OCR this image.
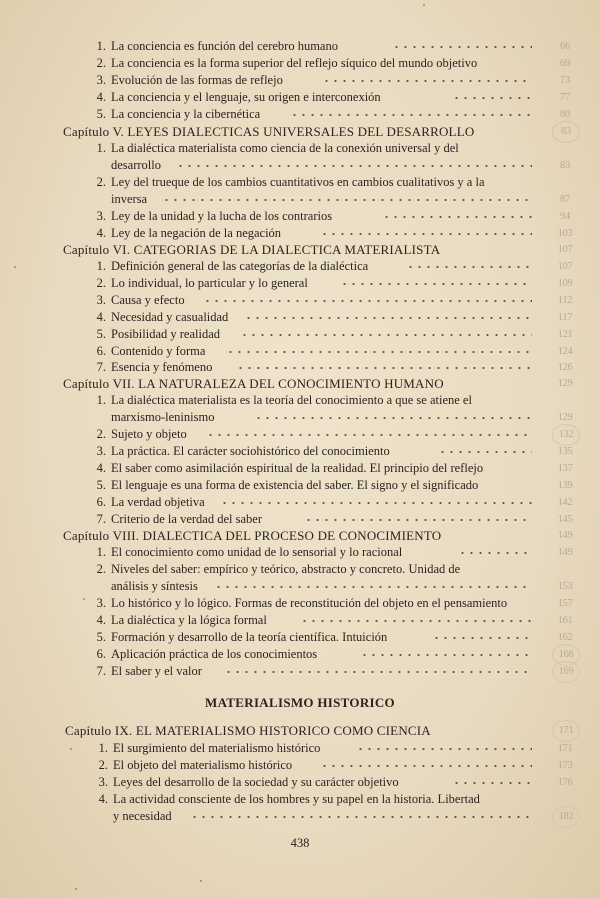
1. La conciencia es función del cerebro humano	66
2. La conciencia es la forma superior del reflejo síquico del mundo objetivo	69
3. Evolución de las formas de reflejo	73
4. La conciencia y el lenguaje, su origen e interconexión	77
5. La conciencia y la cibernética	80
Capítulo V. LEYES DIALECTICAS UNIVERSALES DEL DESARROLLO	83
1. La dialéctica materialista como ciencia de la conexión universal y del
desarrollo	83
2. Ley del trueque de los cambios cuantitativos en cambios cualitativos y a la
inversa	87
3. Ley de la unidad y la lucha de los contrarios	94
4. Ley de la negación de la negación	103
Capítulo VI. CATEGORIAS DE LA DIALECTICA MATERIALISTA	107
1. Definición general de las categorías de la dialéctica	107
2. Lo individual, lo particular y lo general	109
3. Causa y efecto	112
4. Necesidad y casualidad	117
5. Posibilidad y realidad	121
6. Contenido y forma	124
7. Esencia y fenómeno	126
Capítulo VII. LA NATURALEZA DEL CONOCIMIENTO HUMANO	129
1. La dialéctica materialista es la teoría del conocimiento a que se atiene el
marxismo-leninismo	129
2. Sujeto y objeto	132
3. La práctica. El carácter sociohistórico del conocimiento	135
4. El saber como asimilación espiritual de la realidad. El principio del reflejo	137
5. El lenguaje es una forma de existencia del saber. El signo y el significado	139
6. La verdad objetiva	142
7. Criterio de la verdad del saber	145
Capítulo VIII. DIALECTICA DEL PROCESO DE CONOCIMIENTO	149
1. El conocimiento como unidad de lo sensorial y lo racional	149
2. Niveles del saber: empírico y teórico, abstracto y concreto. Unidad de
análisis y síntesis	153
3. Lo histórico y lo lógico. Formas de reconstitución del objeto en el pensamiento	157
4. La dialéctica y la lógica formal	161
5. Formación y desarrollo de la teoría científica. Intuición	162
6. Aplicación práctica de los conocimientos	166
7. El saber y el valor	169
MATERIALISMO HISTORICO
Capítulo IX. EL MATERIALISMO HISTORICO COMO CIENCIA	171
1. El surgimiento del materialismo histórico	171
2. El objeto del materialismo histórico	173
3. Leyes del desarrollo de la sociedad y su carácter objetivo	176
4. La actividad consciente de los hombres y su papel en la historia. Libertad
y necesidad	182
438
